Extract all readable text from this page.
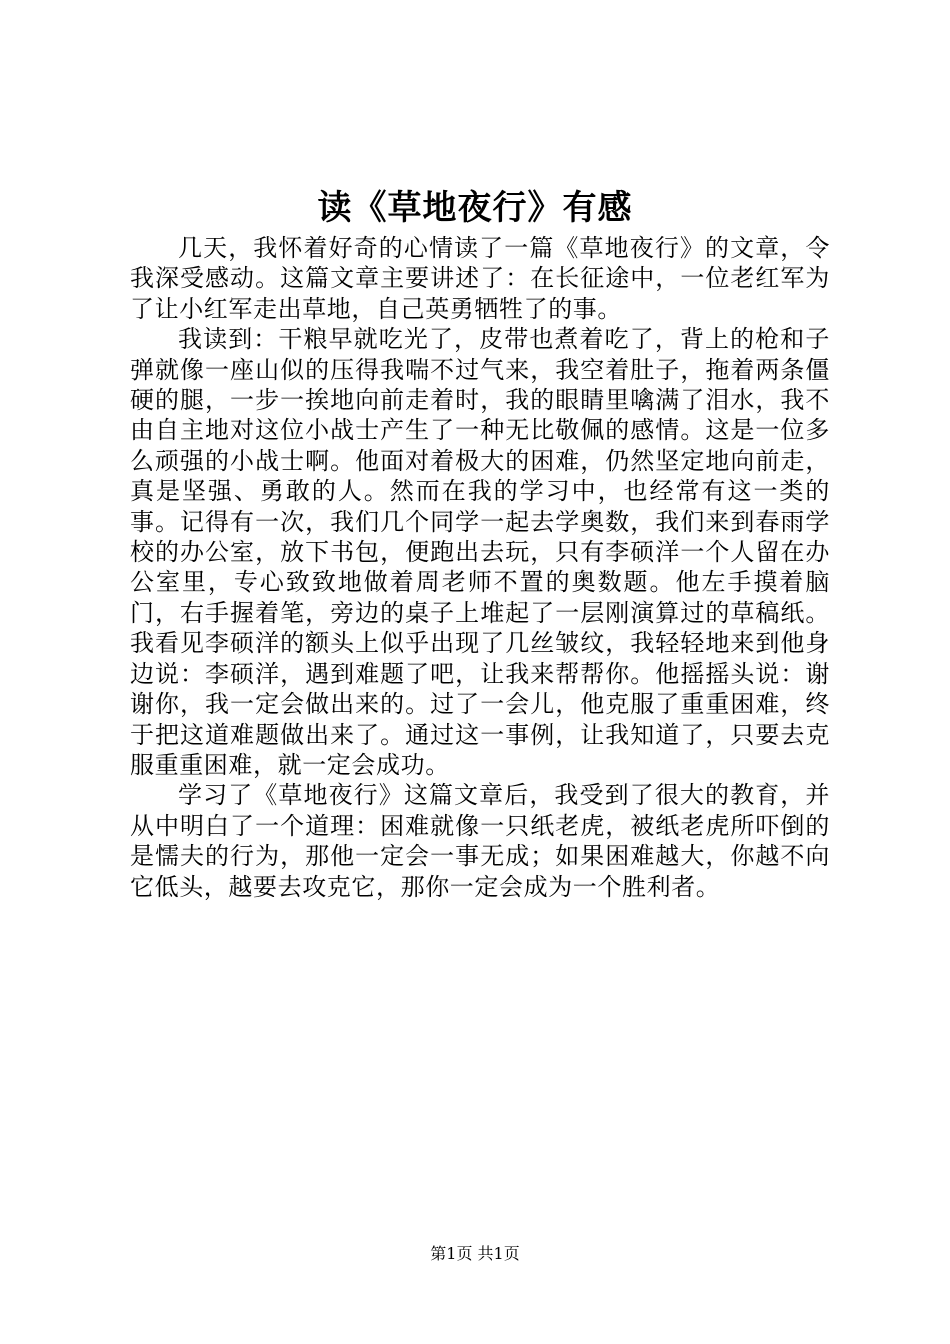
读《草地夜行》有感

几天，我怀着好奇的心情读了一篇《草地夜行》的文章，令我深受感动。这篇文章主要讲述了：在长征途中，一位老红军为了让小红军走出草地，自己英勇牺牲了的事。

我读到：干粮早就吃光了，皮带也煮着吃了，背上的枪和子弹就像一座山似的压得我喘不过气来，我空着肚子，拖着两条僵硬的腿，一步一挨地向前走着时，我的眼睛里噙满了泪水，我不由自主地对这位小战士产生了一种无比敬佩的感情。这是一位多么顽强的小战士啊。他面对着极大的困难，仍然坚定地向前走，真是坚强、勇敢的人。然而在我的学习中，也经常有这一类的事。记得有一次，我们几个同学一起去学奥数，我们来到春雨学校的办公室，放下书包，便跑出去玩，只有李硕洋一个人留在办公室里，专心致致地做着周老师不置的奥数题。他左手摸着脑门，右手握着笔，旁边的桌子上堆起了一层刚演算过的草稿纸。我看见李硕洋的额头上似乎出现了几丝皱纹，我轻轻地来到他身边说：李硕洋，遇到难题了吧，让我来帮帮你。他摇摇头说：谢谢你，我一定会做出来的。过了一会儿，他克服了重重困难，终于把这道难题做出来了。通过这一事例，让我知道了，只要去克服重重困难，就一定会成功。

学习了《草地夜行》这篇文章后，我受到了很大的教育，并从中明白了一个道理：困难就像一只纸老虎，被纸老虎所吓倒的是懦夫的行为，那他一定会一事无成；如果困难越大，你越不向它低头，越要去攻克它，那你一定会成为一个胜利者。

第1页 共1页
